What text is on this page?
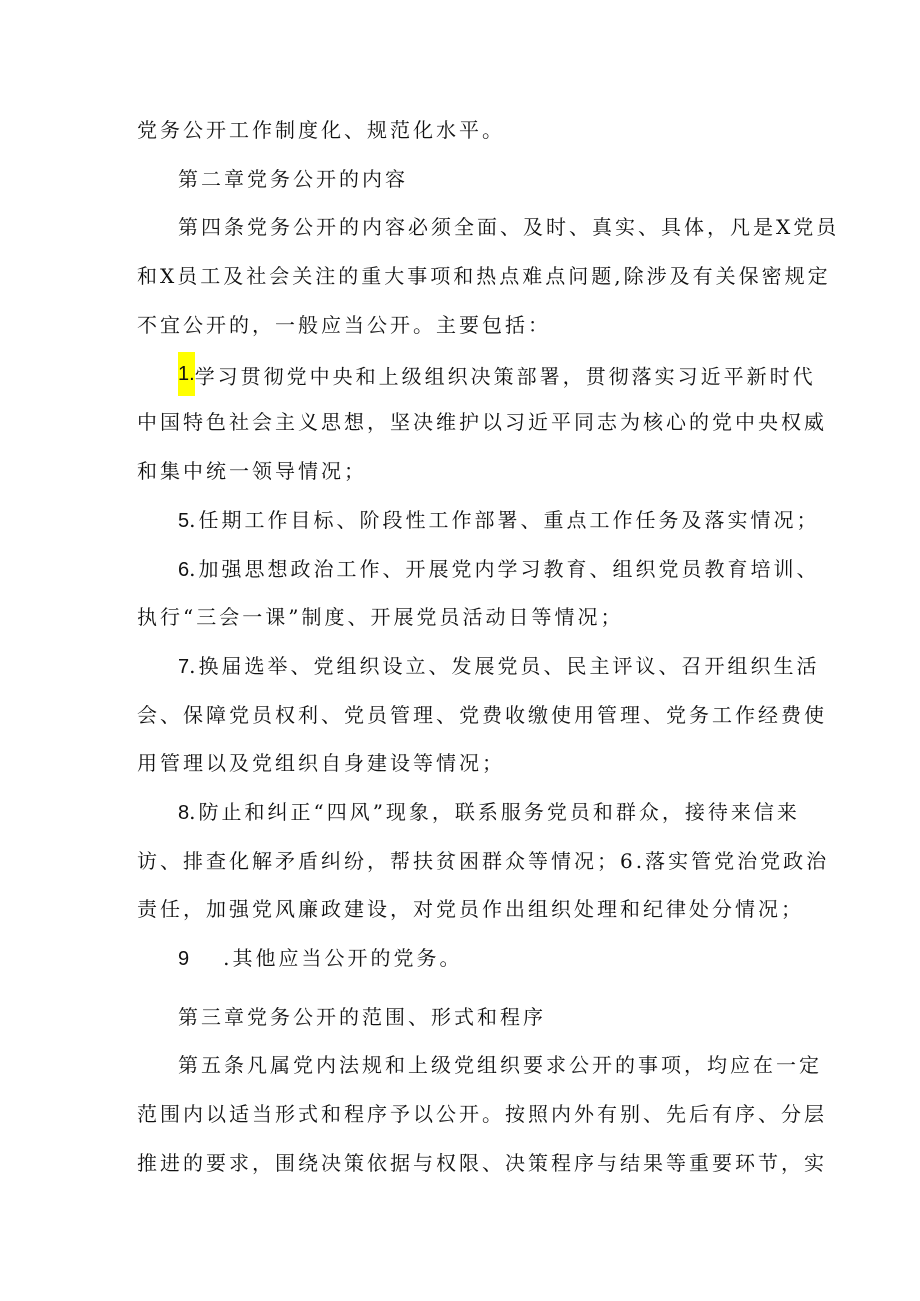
党务公开工作制度化、规范化水平。
第二章党务公开的内容
第四条党务公开的内容必须全面、及时、真实、具体，凡是X党员
和X员工及社会关注的重大事项和热点难点问题,除涉及有关保密规定
不宜公开的，一般应当公开。主要包括：
1.学习贯彻党中央和上级组织决策部署，贯彻落实习近平新时代
中国特色社会主义思想，坚决维护以习近平同志为核心的党中央权威
和集中统一领导情况；
5.任期工作目标、阶段性工作部署、重点工作任务及落实情况；
6.加强思想政治工作、开展党内学习教育、组织党员教育培训、
执行“三会一课”制度、开展党员活动日等情况；
7.换届选举、党组织设立、发展党员、民主评议、召开组织生活
会、保障党员权利、党员管理、党费收缴使用管理、党务工作经费使
用管理以及党组织自身建设等情况；
8.防止和纠正“四风”现象，联系服务党员和群众，接待来信来
访、排查化解矛盾纠纷，帮扶贫困群众等情况；6.落实管党治党政治
责任，加强党风廉政建设，对党员作出组织处理和纪律处分情况；
9 .其他应当公开的党务。
第三章党务公开的范围、形式和程序
第五条凡属党内法规和上级党组织要求公开的事项，均应在一定
范围内以适当形式和程序予以公开。按照内外有别、先后有序、分层
推进的要求，围绕决策依据与权限、决策程序与结果等重要环节，实
